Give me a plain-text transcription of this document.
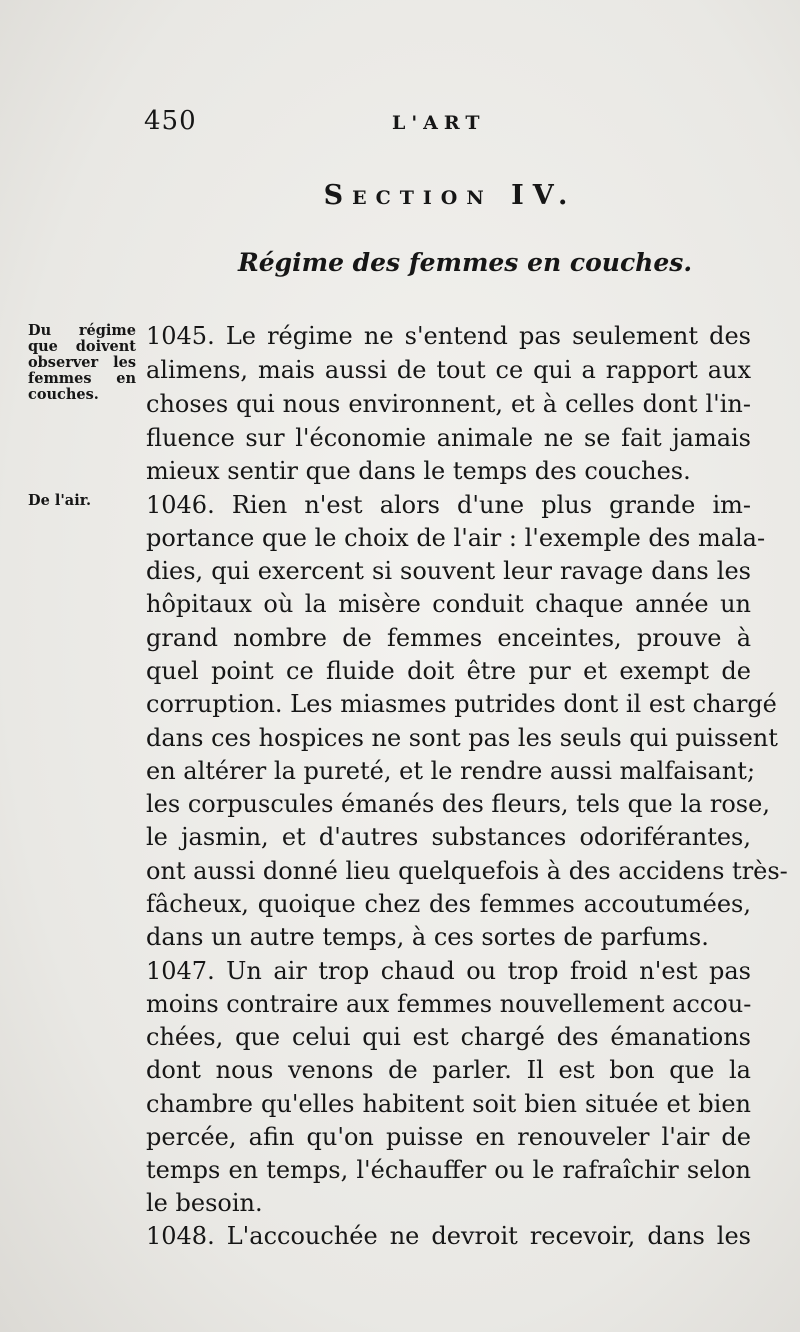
450	L'ART
Section IV.
Régime des femmes en couches.
Du régime que doivent observer les femmes en couches.
De l'air.
1045. Le régime ne s'entend pas seulement des
alimens, mais aussi de tout ce qui a rapport aux
choses qui nous environnent, et à celles dont l'in-
fluence sur l'économie animale ne se fait jamais
mieux sentir que dans le temps des couches.
1046. Rien n'est alors d'une plus grande im-
portance que le choix de l'air : l'exemple des mala-
dies, qui exercent si souvent leur ravage dans les
hôpitaux où la misère conduit chaque année un
grand nombre de femmes enceintes, prouve à
quel point ce fluide doit être pur et exempt de
corruption. Les miasmes putrides dont il est chargé
dans ces hospices ne sont pas les seuls qui puissent
en altérer la pureté, et le rendre aussi malfaisant;
les corpuscules émanés des fleurs, tels que la rose,
le jasmin, et d'autres substances odoriférantes,
ont aussi donné lieu quelquefois à des accidens très-
fâcheux, quoique chez des femmes accoutumées,
dans un autre temps, à ces sortes de parfums.
1047. Un air trop chaud ou trop froid n'est pas
moins contraire aux femmes nouvellement accou-
chées, que celui qui est chargé des émanations
dont nous venons de parler. Il est bon que la
chambre qu'elles habitent soit bien située et bien
percée, afin qu'on puisse en renouveler l'air de
temps en temps, l'échauffer ou le rafraîchir selon
le besoin.
1048. L'accouchée ne devroit recevoir, dans les
